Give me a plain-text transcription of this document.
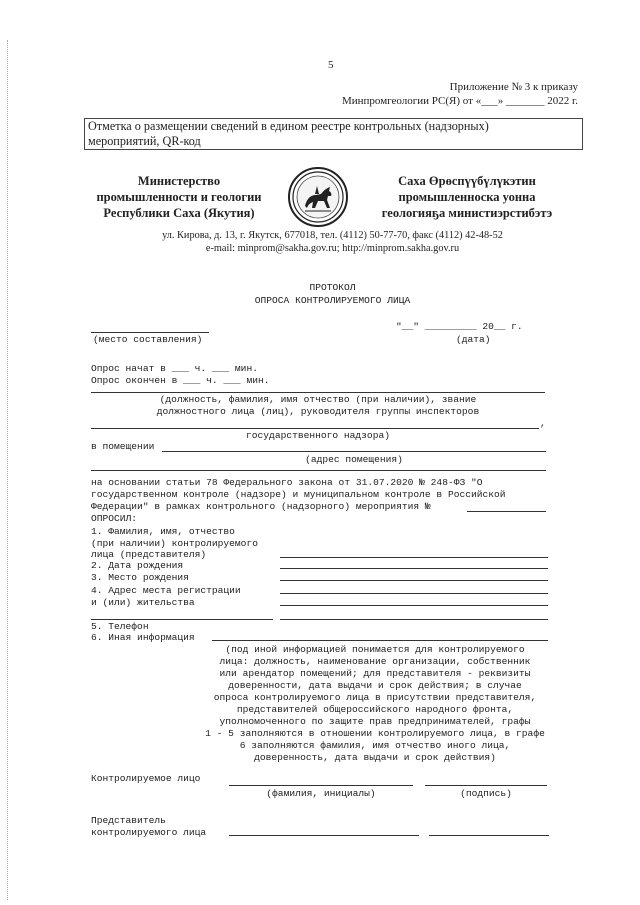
5
Приложение № 3 к приказу
Минпромгеологии РС(Я) от «___» _______ 2022 г.
Отметка о размещении сведений в едином реестре контрольных (надзорных)
мероприятий, QR-код
Министерство
промышленности и геологии
Республики Саха (Якутия)
Саха Өрөспүүбүлүкэтин
промышленноска уонна
геологияҕа министиэрстибэтэ
ул. Кирова, д. 13, г. Якутск, 677018, тел. (4112) 50-77-70, факс (4112) 42-48-52
e-mail: minprom@sakha.gov.ru; http://minprom.sakha.gov.ru
ПРОТОКОЛ
ОПРОСА КОНТРОЛИРУЕМОГО ЛИЦА
(место составления)
"__" _________ 20__ г.
(дата)
Опрос начат в ___ ч. ___ мин.
Опрос окончен в ___ ч. ___ мин.
(должность, фамилия, имя отчество (при наличии), звание
должностного лица (лиц), руководителя группы инспекторов
,
государственного надзора)
в помещении
(адрес помещения)
на основании статьи 78 Федерального закона от 31.07.2020 № 248-ФЗ "О
государственном контроле (надзоре) и муниципальном контроле в Российской
Федерации" в рамках контрольного (надзорного) мероприятия №
ОПРОСИЛ:
1. Фамилия, имя, отчество
(при наличии) контролируемого
лица (представителя)
2. Дата рождения
3. Место рождения
4. Адрес места регистрации
и (или) жительства
5. Телефон
6. Иная информация
(под иной информацией понимается для контролируемого
лица: должность, наименование организации, собственник
или арендатор помещений; для представителя - реквизиты
доверенности, дата выдачи и срок действия; в случае
опроса контролируемого лица в присутствии представителя,
представителей общероссийского народного фронта,
уполномоченного по защите прав предпринимателей, графы
1 - 5 заполняются в отношении контролируемого лица, в графе
6 заполняются фамилия, имя отчество иного лица,
доверенность, дата выдачи и срок действия)
Контролируемое лицо
(фамилия, инициалы)	(подпись)
Представитель
контролируемого лица
